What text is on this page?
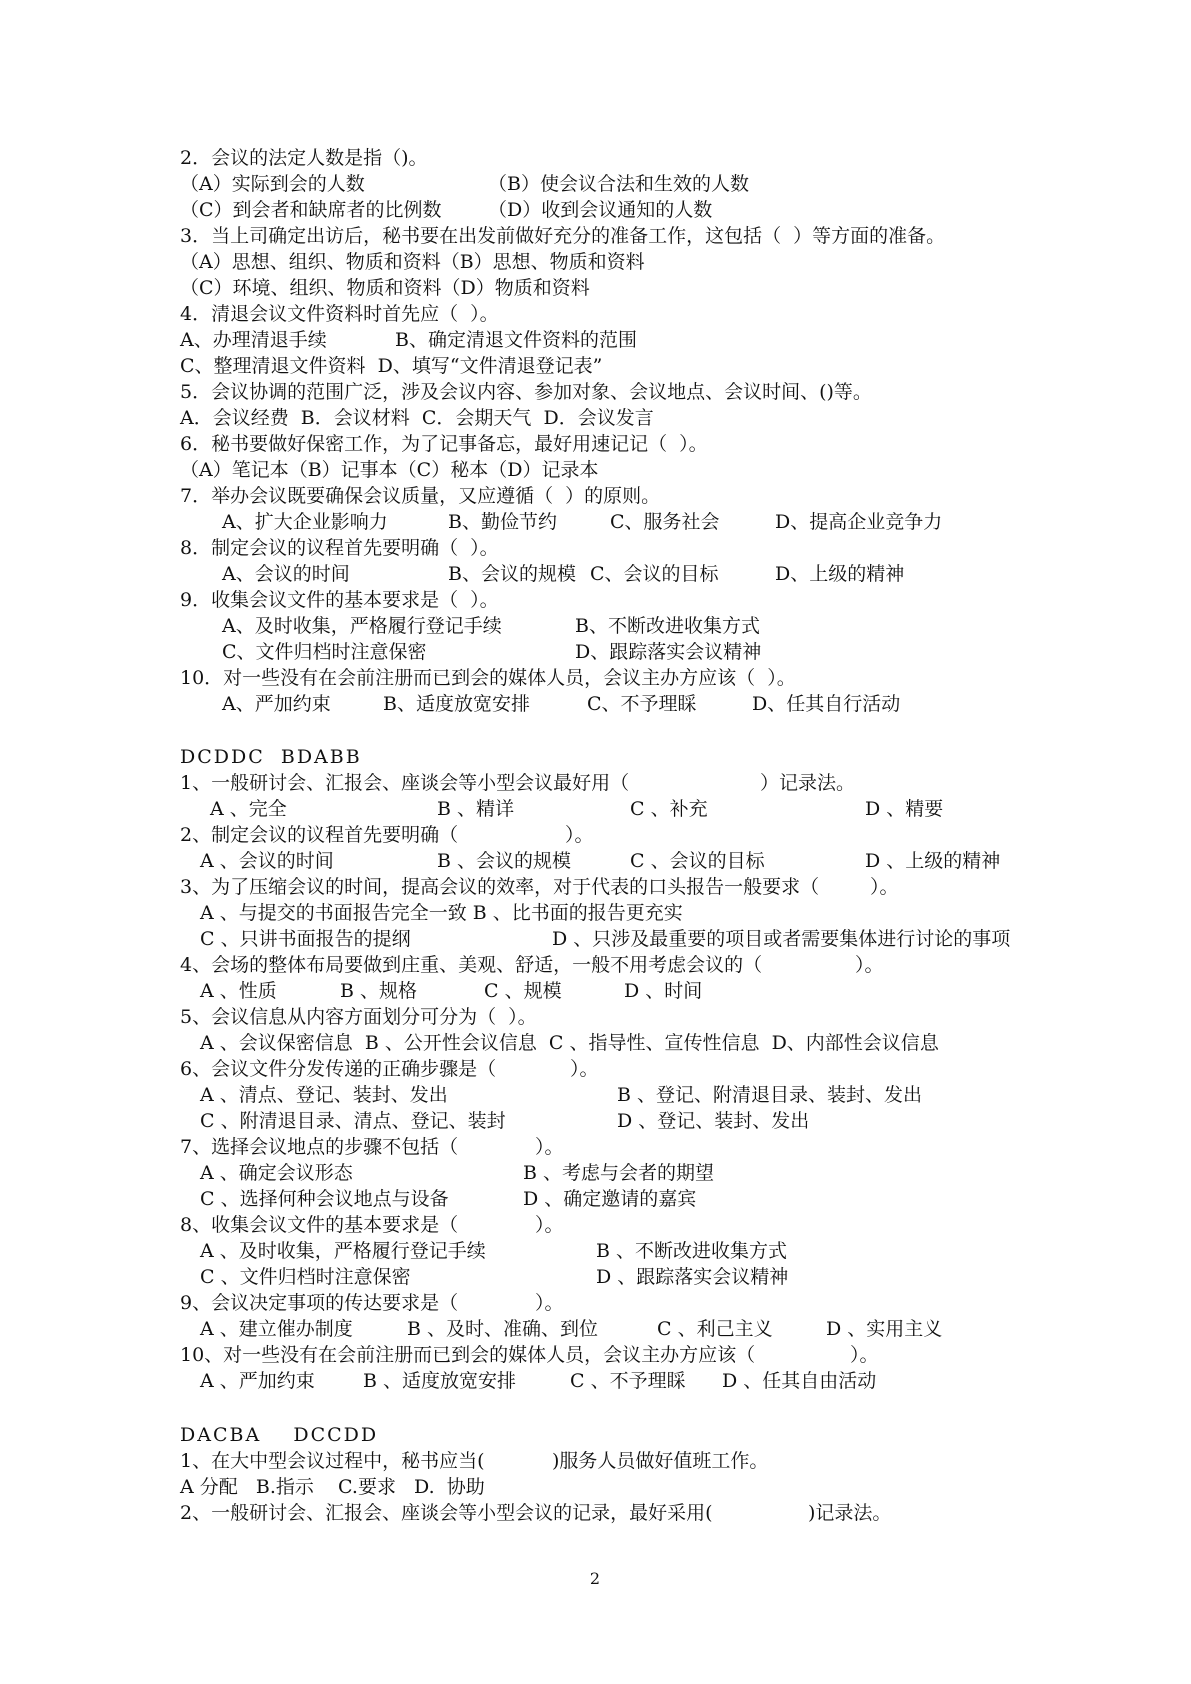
2
2．会议的法定人数是指（)。
（A）实际到会的人数	（B）使会议合法和生效的人数
（C）到会者和缺席者的比例数 （D）收到会议通知的人数
3．当上司确定出访后，秘书要在出发前做好充分的准备工作，这包括（  ）等方面的准备。
（A）思想、组织、物质和资料（B）思想、物质和资料
（C）环境、组织、物质和资料（D）物质和资料
4．清退会议文件资料时首先应（  ）。
A、办理清退手续	B、确定清退文件资料的范围
C、整理清退文件资料  D、填写“文件清退登记表”
5．会议协调的范围广泛，涉及会议内容、参加对象、会议地点、会议时间、()等。
A．会议经费  B．会议材料  C．会期天气  D．会议发言
6．秘书要做好保密工作，为了记事备忘，最好用速记记（  ）。
（A）笔记本（B）记事本（C）秘本（D）记录本
7．举办会议既要确保会议质量，又应遵循（  ）的原则。
A、扩大企业影响力	B、勤俭节约	C、服务社会	D、提高企业竞争力
8．制定会议的议程首先要明确（  ）。
A、会议的时间	B、会议的规模 C、会议的目标	D、上级的精神
9．收集会议文件的基本要求是（  ）。
A、及时收集，严格履行登记手续	B、不断改进收集方式
C、文件归档时注意保密	D、跟踪落实会议精神
10．对一些没有在会前注册而已到会的媒体人员，会议主办方应该（  ）。
A、严加约束	B、适度放宽安排	C、不予理睬	D、任其自行活动
DCDDC  BDABB
1、一般研讨会、汇报会、座谈会等小型会议最好用（	）记录法。
A 、完全	B 、精详	C 、补充	D 、精要
2、制定会议的议程首先要明确（	）。
A 、会议的时间	B 、会议的规模	C 、会议的目标	D 、上级的精神
3、为了压缩会议的时间，提高会议的效率，对于代表的口头报告一般要求（	）。
A 、与提交的书面报告完全一致 B 、比书面的报告更充实
C 、只讲书面报告的提纲	D 、只涉及最重要的项目或者需要集体进行讨论的事项
4、会场的整体布局要做到庄重、美观、舒适，一般不用考虑会议的（	）。
A 、性质	B 、规格	C 、规模	D 、时间
5、会议信息从内容方面划分可分为（  ）。
A 、会议保密信息  B 、公开性会议信息  C 、指导性、宣传性信息  D、内部性会议信息
6、会议文件分发传递的正确步骤是（	）。
A 、清点、登记、装封、发出	B 、登记、附清退目录、装封、发出
C 、附清退目录、清点、登记、装封	D 、登记、装封、发出
7、选择会议地点的步骤不包括（	）。
A 、确定会议形态	B 、考虑与会者的期望
C 、选择何种会议地点与设备	D 、确定邀请的嘉宾
8、收集会议文件的基本要求是（	）。
A 、及时收集，严格履行登记手续	B 、不断改进收集方式
C 、文件归档时注意保密	D 、跟踪落实会议精神
9、会议决定事项的传达要求是（	）。
A 、建立催办制度	B 、及时、准确、到位	C 、利己主义	D 、实用主义
10、对一些没有在会前注册而已到会的媒体人员，会议主办方应该（	）。
A 、严加约束	B 、适度放宽安排	C 、不予理睬 D 、任其自由活动
DACBA    DCCDD
1、在大中型会议过程中，秘书应当(	)服务人员做好值班工作。
A 分配   B.指示    C.要求   D.  协助
2、一般研讨会、汇报会、座谈会等小型会议的记录，最好采用(	)记录法。
